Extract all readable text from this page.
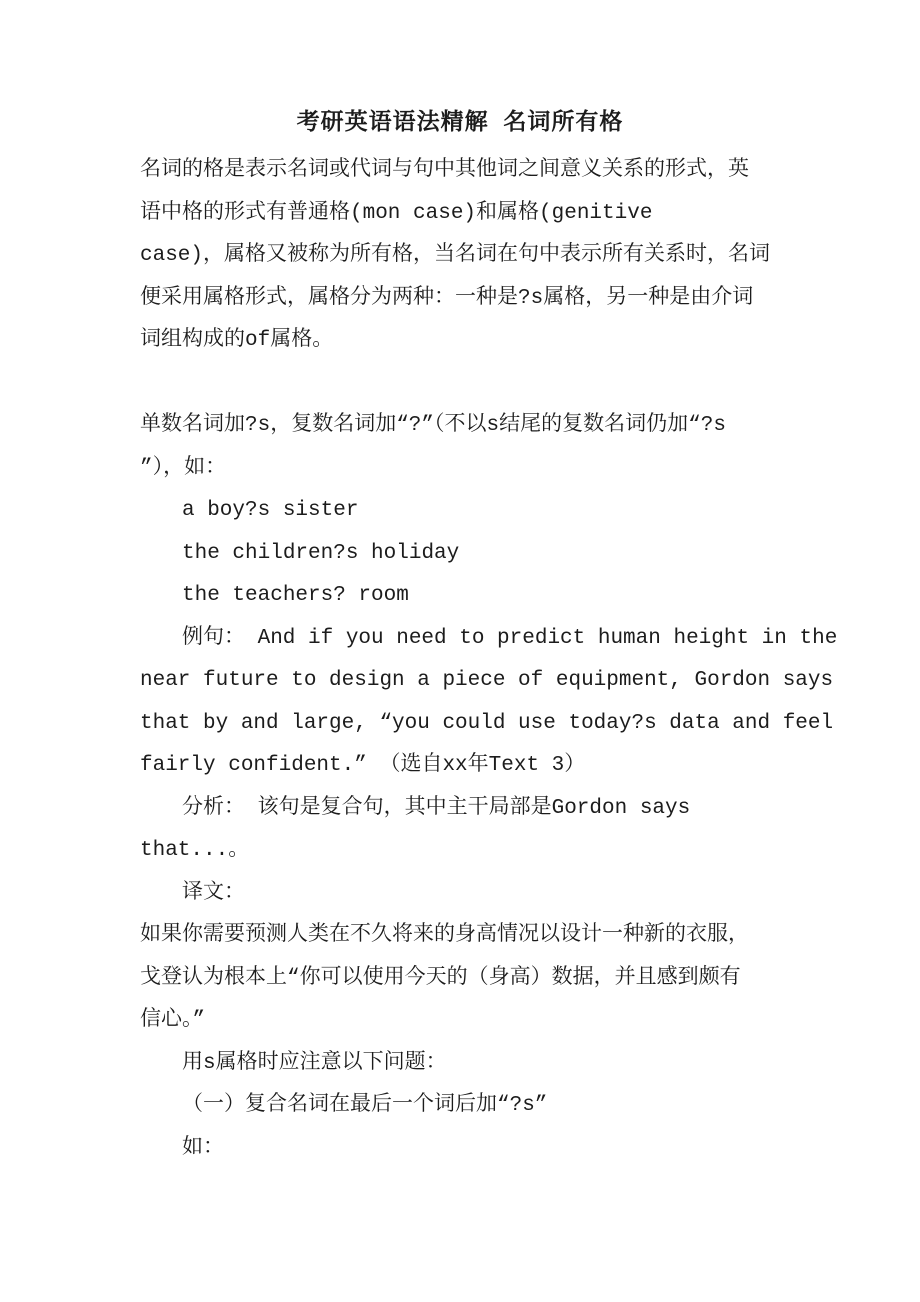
考研英语语法精解 名词所有格
名词的格是表示名词或代词与句中其他词之间意义关系的形式，英
语中格的形式有普通格(mon case)和属格(genitive
case)，属格又被称为所有格，当名词在句中表示所有关系时，名词
便采用属格形式，属格分为两种：一种是?s属格，另一种是由介词
词组构成的of属格。
单数名词加?s，复数名词加“?”（不以s结尾的复数名词仍加“?s
”），如：
a boy?s sister
the children?s holiday
the teachers? room
例句： And if you need to predict human height in the
near future to design a piece of equipment, Gordon says
that by and large, “you could use today?s data and feel
fairly confident.” （选自xx年Text 3）
分析： 该句是复合句，其中主干局部是Gordon says
that...。
译文：
如果你需要预测人类在不久将来的身高情况以设计一种新的衣服，
戈登认为根本上“你可以使用今天的（身高）数据，并且感到颇有
信心。”
用s属格时应注意以下问题：
（一）复合名词在最后一个词后加“?s”
如：
